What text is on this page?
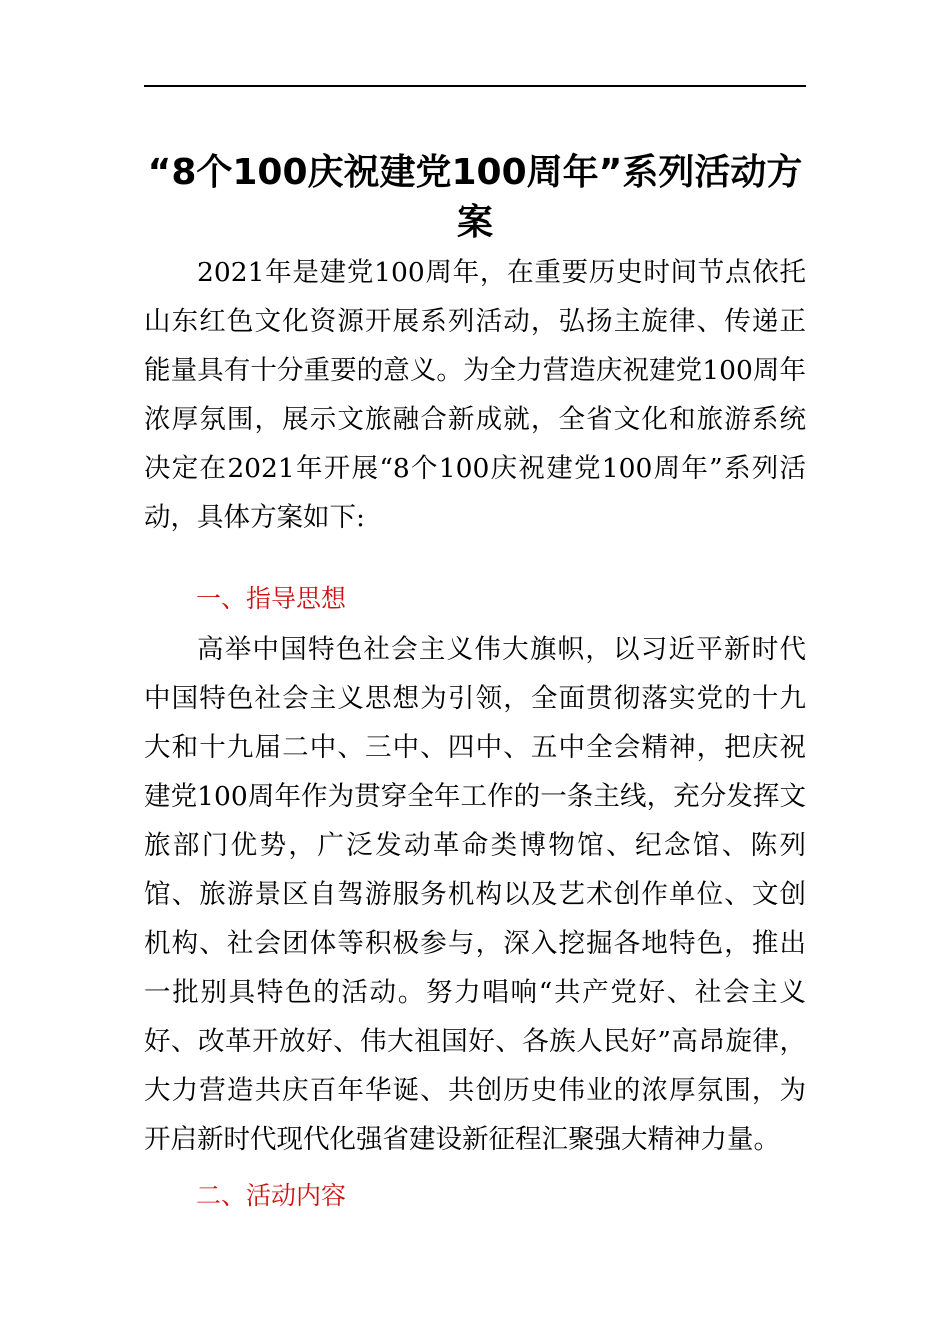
“8个100庆祝建党100周年”系列活动方案

2021年是建党100周年，在重要历史时间节点依托山东红色文化资源开展系列活动，弘扬主旋律、传递正能量具有十分重要的意义。为全力营造庆祝建党100周年浓厚氛围，展示文旅融合新成就，全省文化和旅游系统决定在2021年开展“8个100庆祝建党100周年”系列活动，具体方案如下:

一、指导思想

高举中国特色社会主义伟大旗帜，以习近平新时代中国特色社会主义思想为引领，全面贯彻落实党的十九大和十九届二中、三中、四中、五中全会精神，把庆祝建党100周年作为贯穿全年工作的一条主线，充分发挥文旅部门优势，广泛发动革命类博物馆、纪念馆、陈列馆、旅游景区自驾游服务机构以及艺术创作单位、文创机构、社会团体等积极参与，深入挖掘各地特色，推出一批别具特色的活动。努力唱响“共产党好、社会主义好、改革开放好、伟大祖国好、各族人民好”高昂旋律，大力营造共庆百年华诞、共创历史伟业的浓厚氛围，为开启新时代现代化强省建设新征程汇聚强大精神力量。

二、活动内容
